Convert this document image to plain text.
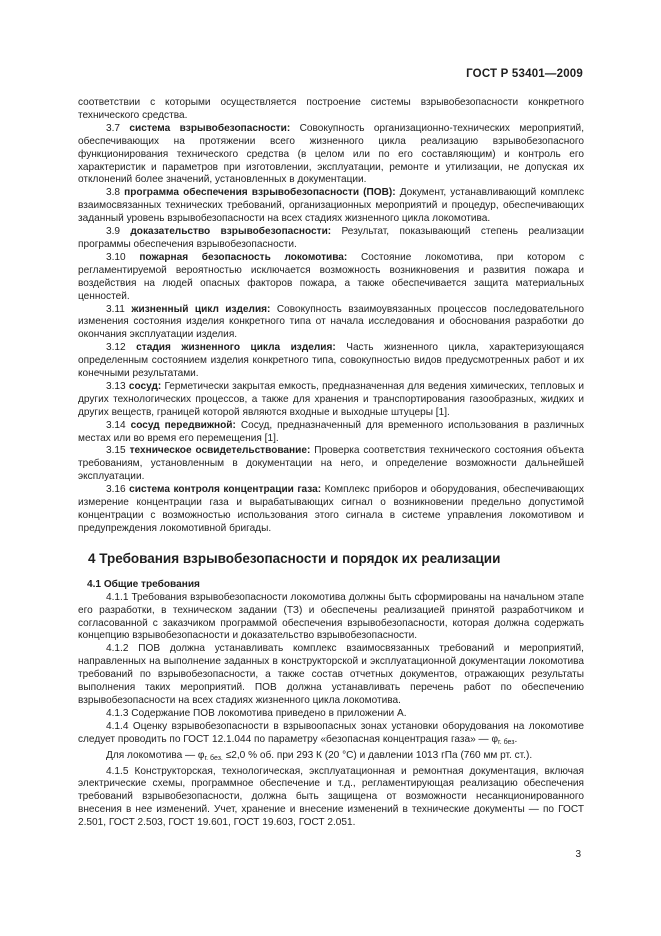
ГОСТ Р 53401—2009

соответствии с которыми осуществляется построение системы взрывобезопасности конкретного технического средства.

3.7 система взрывобезопасности: Совокупность организационно-технических мероприятий, обеспечивающих на протяжении всего жизненного цикла реализацию взрывобезопасного функционирования технического средства (в целом или по его составляющим) и контроль его характеристик и параметров при изготовлении, эксплуатации, ремонте и утилизации, не допуская их отклонений более значений, установленных в документации.

3.8 программа обеспечения взрывобезопасности (ПОВ): Документ, устанавливающий комплекс взаимосвязанных технических требований, организационных мероприятий и процедур, обеспечивающих заданный уровень взрывобезопасности на всех стадиях жизненного цикла локомотива.

3.9 доказательство взрывобезопасности: Результат, показывающий степень реализации программы обеспечения взрывобезопасности.

3.10 пожарная безопасность локомотива: Состояние локомотива, при котором с регламентируемой вероятностью исключается возможность возникновения и развития пожара и воздействия на людей опасных факторов пожара, а также обеспечивается защита материальных ценностей.

3.11 жизненный цикл изделия: Совокупность взаимоувязанных процессов последовательного изменения состояния изделия конкретного типа от начала исследования и обоснования разработки до окончания эксплуатации изделия.

3.12 стадия жизненного цикла изделия: Часть жизненного цикла, характеризующаяся определенным состоянием изделия конкретного типа, совокупностью видов предусмотренных работ и их конечными результатами.

3.13 сосуд: Герметически закрытая емкость, предназначенная для ведения химических, тепловых и других технологических процессов, а также для хранения и транспортирования газообразных, жидких и других веществ, границей которой являются входные и выходные штуцеры [1].

3.14 сосуд передвижной: Сосуд, предназначенный для временного использования в различных местах или во время его перемещения [1].

3.15 техническое освидетельствование: Проверка соответствия технического состояния объекта требованиям, установленным в документации на него, и определение возможности дальнейшей эксплуатации.

3.16 система контроля концентрации газа: Комплекс приборов и оборудования, обеспечивающих измерение концентрации газа и вырабатывающих сигнал о возникновении предельно допустимой концентрации с возможностью использования этого сигнала в системе управления локомотивом и предупреждения локомотивной бригады.

4 Требования взрывобезопасности и порядок их реализации

4.1 Общие требования

4.1.1 Требования взрывобезопасности локомотива должны быть сформированы на начальном этапе его разработки, в техническом задании (ТЗ) и обеспечены реализацией принятой разработчиком и согласованной с заказчиком программой обеспечения взрывобезопасности, которая должна содержать концепцию взрывобезопасности и доказательство взрывобезопасности.

4.1.2 ПОВ должна устанавливать комплекс взаимосвязанных требований и мероприятий, направленных на выполнение заданных в конструкторской и эксплуатационной документации локомотива требований по взрывобезопасности, а также состав отчетных документов, отражающих результаты выполнения таких мероприятий. ПОВ должна устанавливать перечень работ по обеспечению взрывобезопасности на всех стадиях жизненного цикла локомотива.

4.1.3 Содержание ПОВ локомотива приведено в приложении А.

4.1.4 Оценку взрывобезопасности в взрывоопасных зонах установки оборудования на локомотиве следует проводить по ГОСТ 12.1.044 по параметру «безопасная концентрация газа» — $\varphi_{г. без}$.

Для локомотива — $\varphi_{г. без.} \le 2,0$ % об. при 293 К (20 °С) и давлении 1013 гПа (760 мм рт. ст.).

4.1.5 Конструкторская, технологическая, эксплуатационная и ремонтная документация, включая электрические схемы, программное обеспечение и т.д., регламентирующая реализацию обеспечения требований взрывобезопасности, должна быть защищена от возможности несанкционированного внесения в нее изменений. Учет, хранение и внесение изменений в технические документы — по ГОСТ 2.501, ГОСТ 2.503, ГОСТ 19.601, ГОСТ 19.603, ГОСТ 2.051.

3
